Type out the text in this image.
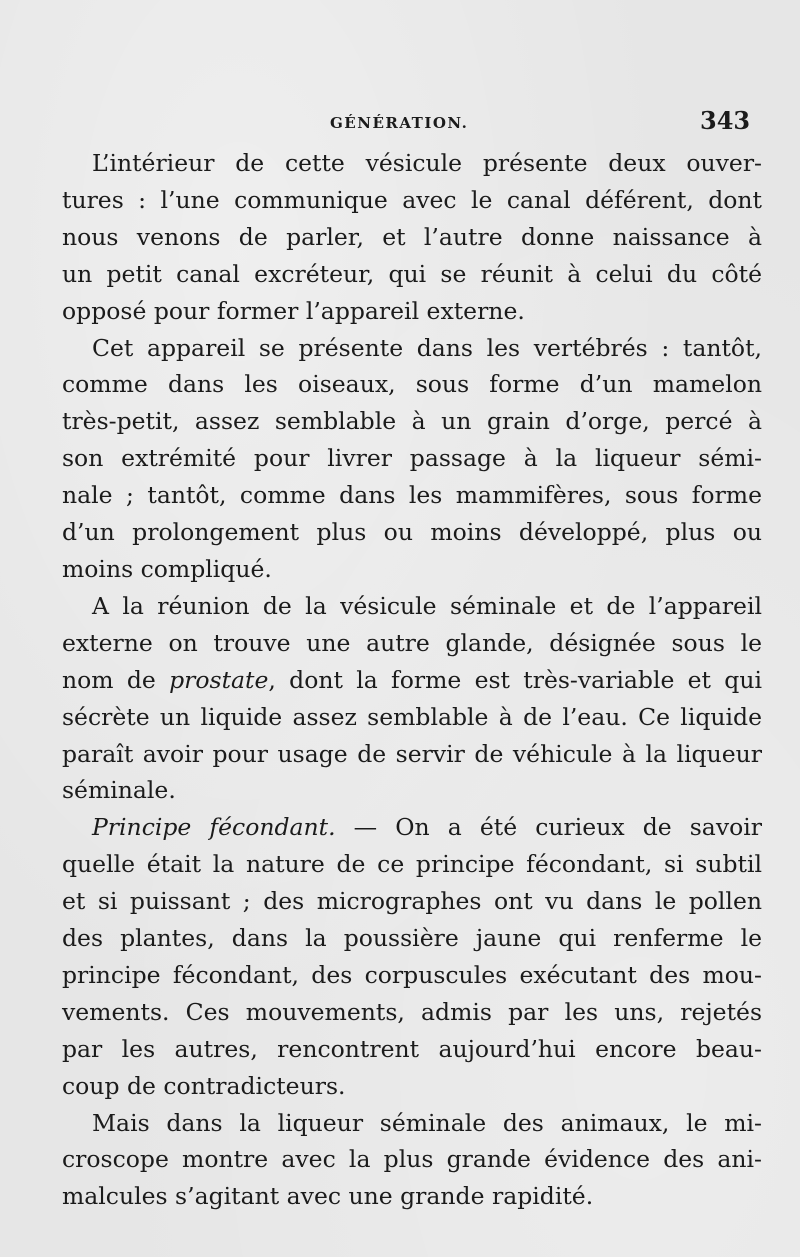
GÉNÉRATION.	343
L’intérieur de cette vésicule présente deux ouver-
tures : l’une communique avec le canal déférent, dont
nous venons de parler, et l’autre donne naissance à
un petit canal excréteur, qui se réunit à celui du côté
opposé pour former l’appareil externe.
Cet appareil se présente dans les vertébrés : tantôt,
comme dans les oiseaux, sous forme d’un mamelon
très-petit, assez semblable à un grain d’orge, percé à
son extrémité pour livrer passage à la liqueur sémi-
nale ; tantôt, comme dans les mammifères, sous forme
d’un prolongement plus ou moins développé, plus ou
moins compliqué.
A la réunion de la vésicule séminale et de l’appareil
externe on trouve une autre glande, désignée sous le
nom de prostate, dont la forme est très-variable et qui
sécrète un liquide assez semblable à de l’eau. Ce liquide
paraît avoir pour usage de servir de véhicule à la liqueur
séminale.
Principe fécondant. — On a été curieux de savoir
quelle était la nature de ce principe fécondant, si subtil
et si puissant ; des micrographes ont vu dans le pollen
des plantes, dans la poussière jaune qui renferme le
principe fécondant, des corpuscules exécutant des mou-
vements. Ces mouvements, admis par les uns, rejetés
par les autres, rencontrent aujourd’hui encore beau-
coup de contradicteurs.
Mais dans la liqueur séminale des animaux, le mi-
croscope montre avec la plus grande évidence des ani-
malcules s’agitant avec une grande rapidité.
